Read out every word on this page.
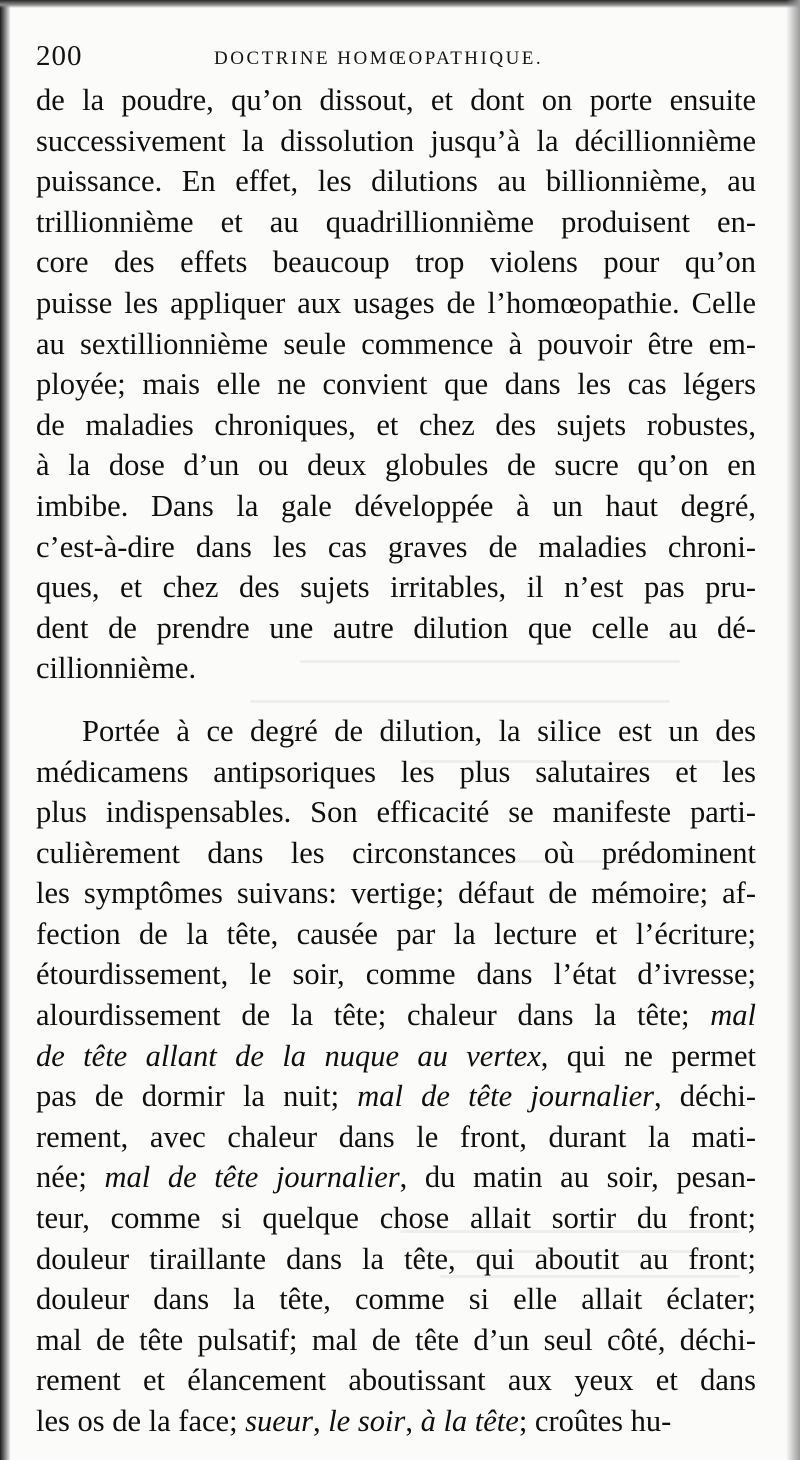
200	DOCTRINE HOMŒOPATHIQUE.
de la poudre, qu’on dissout, et dont on porte ensuite
successivement la dissolution jusqu’à la décillionnième
puissance. En effet, les dilutions au billionnième, au
trillionnième et au quadrillionnième produisent en-
core des effets beaucoup trop violens pour qu’on
puisse les appliquer aux usages de l’homœopathie. Celle
au sextillionnième seule commence à pouvoir être em-
ployée; mais elle ne convient que dans les cas légers
de maladies chroniques, et chez des sujets robustes,
à la dose d’un ou deux globules de sucre qu’on en
imbibe. Dans la gale développée à un haut degré,
c’est-à-dire dans les cas graves de maladies chroni-
ques, et chez des sujets irritables, il n’est pas pru-
dent de prendre une autre dilution que celle au dé-
cillionnième.
Portée à ce degré de dilution, la silice est un des
médicamens antipsoriques les plus salutaires et les
plus indispensables. Son efficacité se manifeste parti-
culièrement dans les circonstances où prédominent
les symptômes suivans: vertige; défaut de mémoire; af-
fection de la tête, causée par la lecture et l’écriture;
étourdissement, le soir, comme dans l’état d’ivresse;
alourdissement de la tête; chaleur dans la tête; mal
de tête allant de la nuque au vertex, qui ne permet
pas de dormir la nuit; mal de tête journalier, déchi-
rement, avec chaleur dans le front, durant la mati-
née; mal de tête journalier, du matin au soir, pesan-
teur, comme si quelque chose allait sortir du front;
douleur tiraillante dans la tête, qui aboutit au front;
douleur dans la tête, comme si elle allait éclater;
mal de tête pulsatif; mal de tête d’un seul côté, déchi-
rement et élancement aboutissant aux yeux et dans
les os de la face; sueur, le soir, à la tête; croûtes hu-
